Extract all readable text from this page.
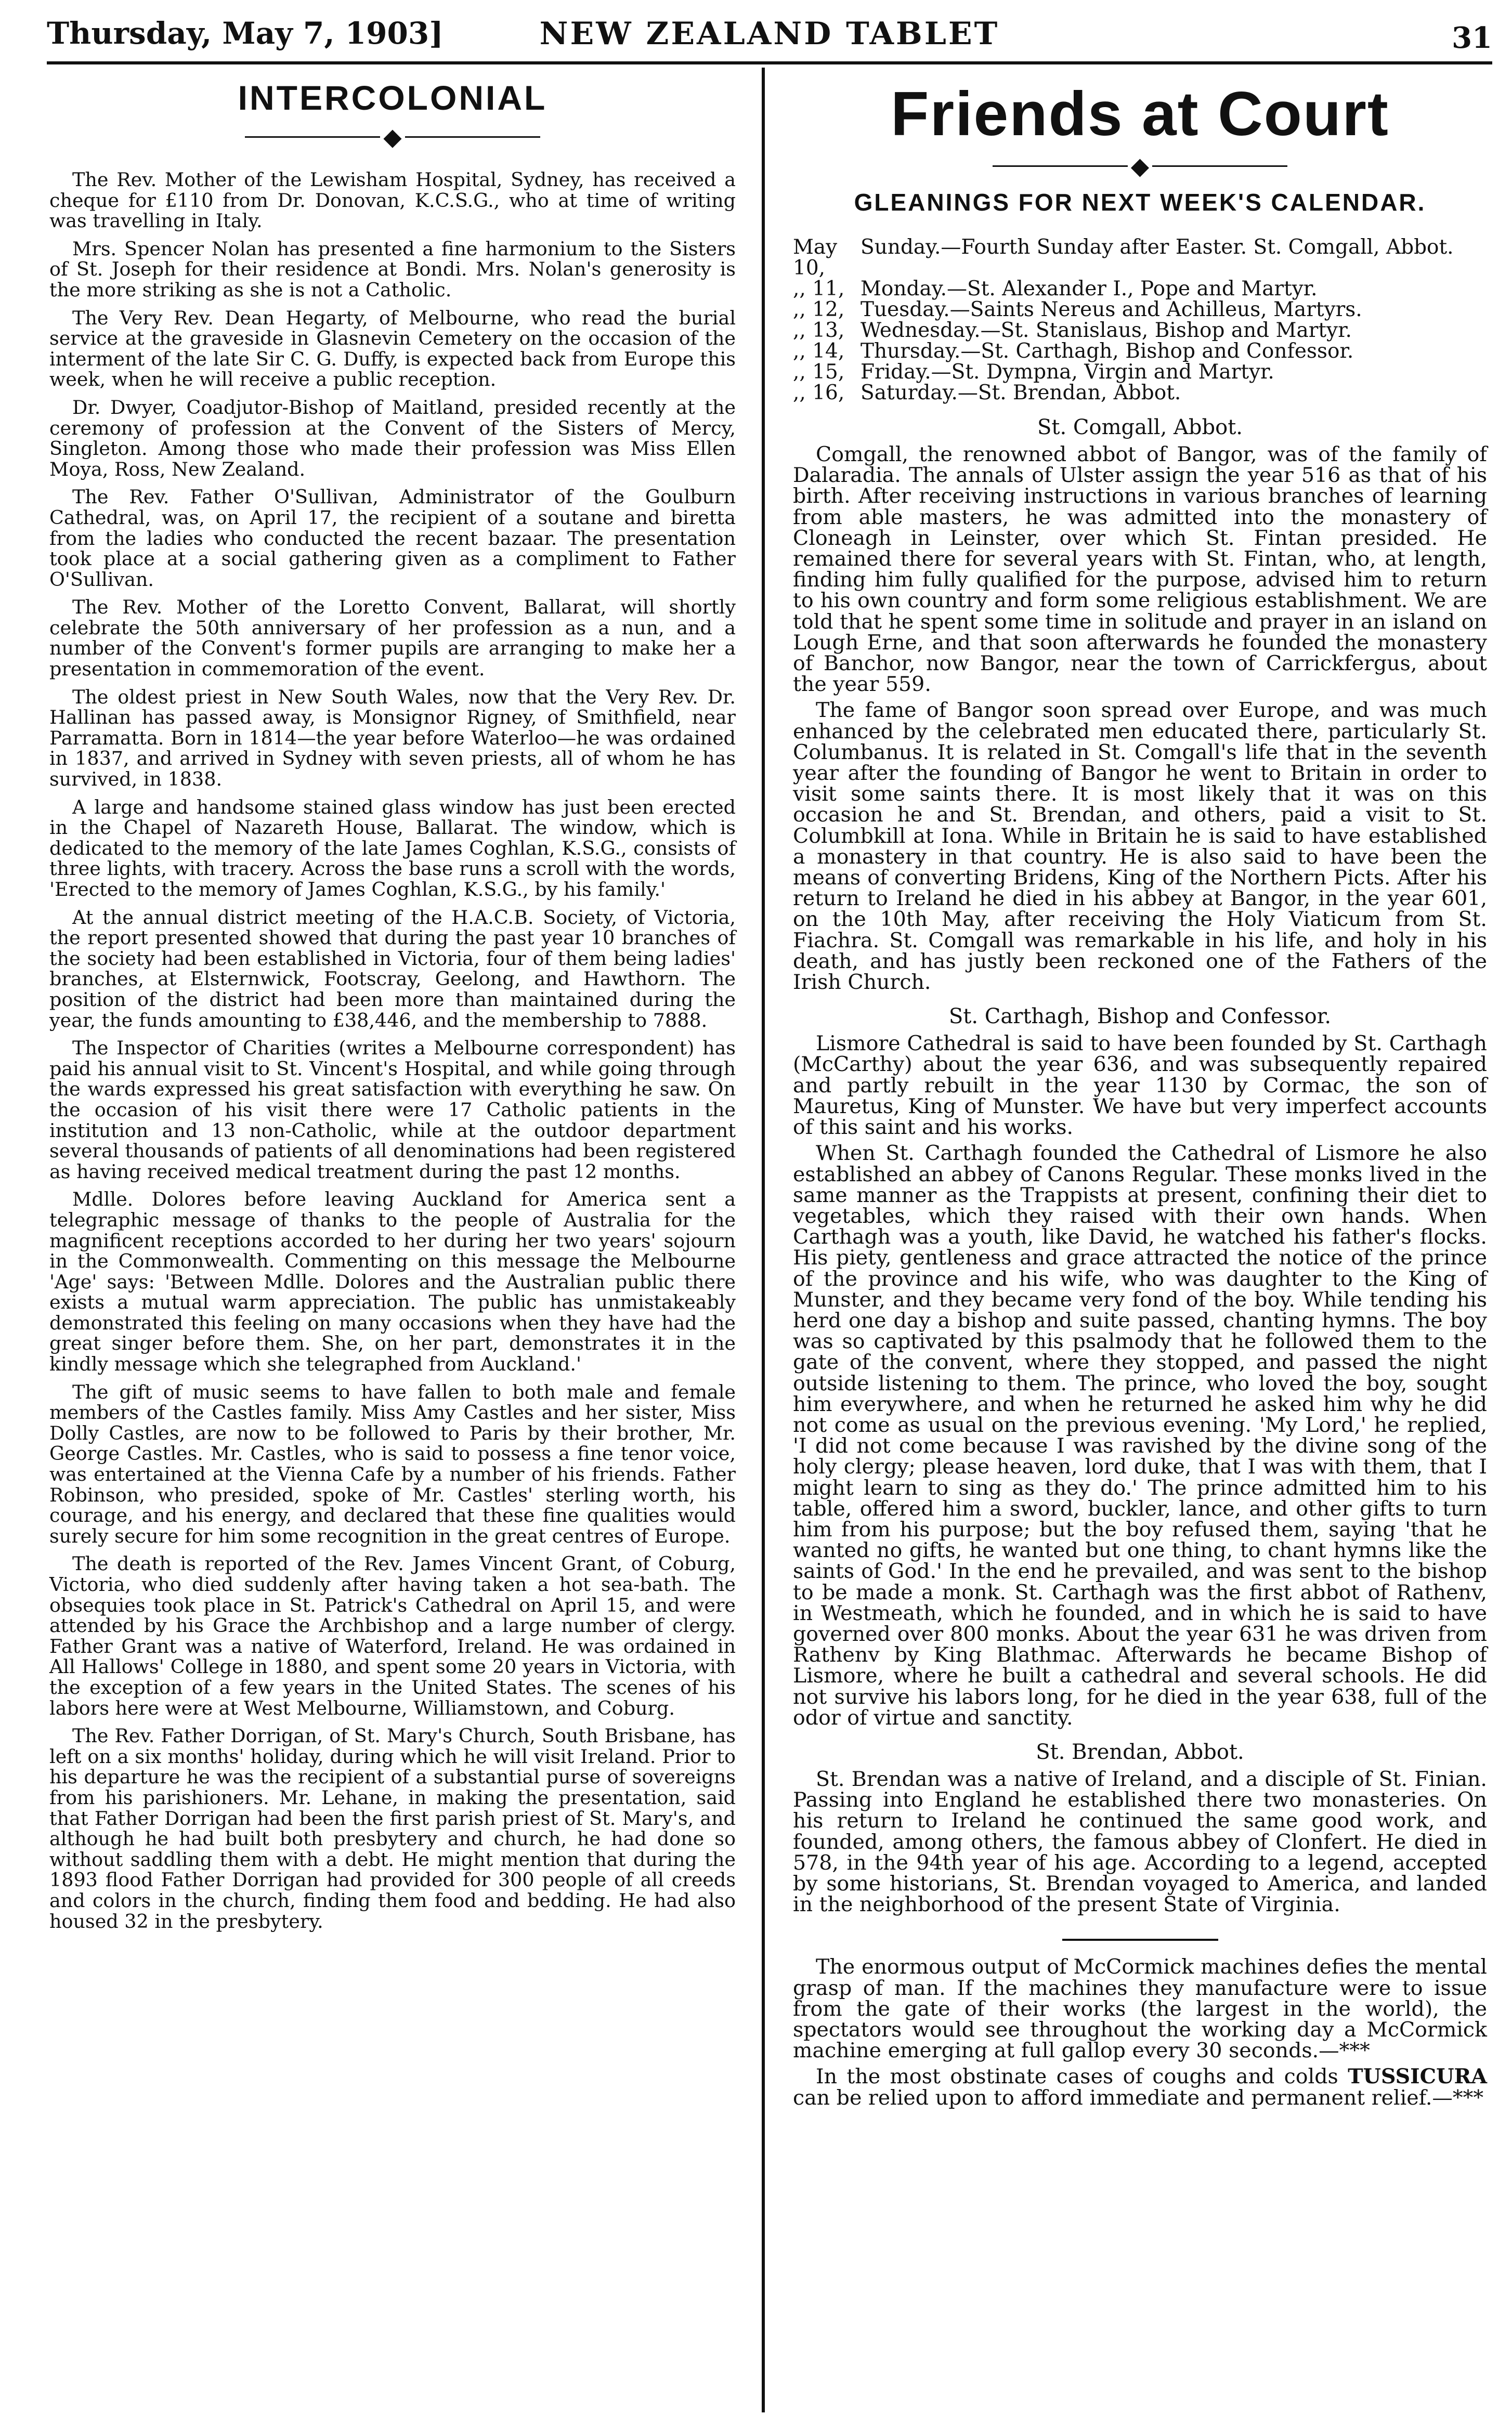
Thursday, May 7, 1903]	NEW ZEALAND TABLET	31
INTERCOLONIAL
◆

The Rev. Mother of the Lewisham Hospital, Sydney, has received a cheque for £110 from Dr. Donovan, K.C.S.G., who at time of writing was travelling in Italy.

Mrs. Spencer Nolan has presented a fine harmonium to the Sisters of St. Joseph for their residence at Bondi. Mrs. Nolan's generosity is the more striking as she is not a Catholic.

The Very Rev. Dean Hegarty, of Melbourne, who read the burial service at the graveside in Glasnevin Cemetery on the occasion of the interment of the late Sir C. G. Duffy, is expected back from Europe this week, when he will receive a public reception.

Dr. Dwyer, Coadjutor-Bishop of Maitland, presided recently at the ceremony of profession at the Convent of the Sisters of Mercy, Singleton. Among those who made their profession was Miss Ellen Moya, Ross, New Zealand.

The Rev. Father O'Sullivan, Administrator of the Goulburn Cathedral, was, on April 17, the recipient of a soutane and biretta from the ladies who conducted the recent bazaar. The presentation took place at a social gathering given as a compliment to Father O'Sullivan.

The Rev. Mother of the Loretto Convent, Ballarat, will shortly celebrate the 50th anniversary of her profession as a nun, and a number of the Convent's former pupils are arranging to make her a presentation in commemoration of the event.

The oldest priest in New South Wales, now that the Very Rev. Dr. Hallinan has passed away, is Monsignor Rigney, of Smithfield, near Parramatta. Born in 1814—the year before Waterloo—he was ordained in 1837, and arrived in Sydney with seven priests, all of whom he has survived, in 1838.

A large and handsome stained glass window has just been erected in the Chapel of Nazareth House, Ballarat. The window, which is dedicated to the memory of the late James Coghlan, K.S.G., consists of three lights, with tracery. Across the base runs a scroll with the words, 'Erected to the memory of James Coghlan, K.S.G., by his family.'

At the annual district meeting of the H.A.C.B. Society, of Victoria, the report presented showed that during the past year 10 branches of the society had been established in Victoria, four of them being ladies' branches, at Elsternwick, Footscray, Geelong, and Hawthorn. The position of the district had been more than maintained during the year, the funds amounting to £38,446, and the membership to 7888.

The Inspector of Charities (writes a Melbourne correspondent) has paid his annual visit to St. Vincent's Hospital, and while going through the wards expressed his great satisfaction with everything he saw. On the occasion of his visit there were 17 Catholic patients in the institution and 13 non-Catholic, while at the outdoor department several thousands of patients of all denominations had been registered as having received medical treatment during the past 12 months.

Mdlle. Dolores before leaving Auckland for America sent a telegraphic message of thanks to the people of Australia for the magnificent receptions accorded to her during her two years' sojourn in the Commonwealth. Commenting on this message the Melbourne 'Age' says: 'Between Mdlle. Dolores and the Australian public there exists a mutual warm appreciation. The public has unmistakeably demonstrated this feeling on many occasions when they have had the great singer before them. She, on her part, demonstrates it in the kindly message which she telegraphed from Auckland.'

The gift of music seems to have fallen to both male and female members of the Castles family. Miss Amy Castles and her sister, Miss Dolly Castles, are now to be followed to Paris by their brother, Mr. George Castles. Mr. Castles, who is said to possess a fine tenor voice, was entertained at the Vienna Cafe by a number of his friends. Father Robinson, who presided, spoke of Mr. Castles' sterling worth, his courage, and his energy, and declared that these fine qualities would surely secure for him some recognition in the great centres of Europe.

The death is reported of the Rev. James Vincent Grant, of Coburg, Victoria, who died suddenly after having taken a hot sea-bath. The obsequies took place in St. Patrick's Cathedral on April 15, and were attended by his Grace the Archbishop and a large number of clergy. Father Grant was a native of Waterford, Ireland. He was ordained in All Hallows' College in 1880, and spent some 20 years in Victoria, with the exception of a few years in the United States. The scenes of his labors here were at West Melbourne, Williamstown, and Coburg.

The Rev. Father Dorrigan, of St. Mary's Church, South Brisbane, has left on a six months' holiday, during which he will visit Ireland. Prior to his departure he was the recipient of a substantial purse of sovereigns from his parishioners. Mr. Lehane, in making the presentation, said that Father Dorrigan had been the first parish priest of St. Mary's, and although he had built both presbytery and church, he had done so without saddling them with a debt. He might mention that during the 1893 flood Father Dorrigan had provided for 300 people of all creeds and colors in the church, finding them food and bedding. He had also housed 32 in the presbytery.

Friends at Court
◆
GLEANINGS FOR NEXT WEEK'S CALENDAR.
May 10,
Sunday.—Fourth Sunday after Easter. St. Comgall, Abbot.
,, 11, Monday.—St. Alexander I., Pope and Martyr.
,, 12, Tuesday.—Saints Nereus and Achilleus, Martyrs.
,, 13, Wednesday.—St. Stanislaus, Bishop and Martyr.
,, 14, Thursday.—St. Carthagh, Bishop and Confessor.
,, 15, Friday.—St. Dympna, Virgin and Martyr.
,, 16, Saturday.—St. Brendan, Abbot.
St. Comgall, Abbot.

Comgall, the renowned abbot of Bangor, was of the family of Dalaradia. The annals of Ulster assign the year 516 as that of his birth. After receiving instructions in various branches of learning from able masters, he was admitted into the monastery of Cloneagh in Leinster, over which St. Fintan presided. He remained there for several years with St. Fintan, who, at length, finding him fully qualified for the purpose, advised him to return to his own country and form some religious establishment. We are told that he spent some time in solitude and prayer in an island on Lough Erne, and that soon afterwards he founded the monastery of Banchor, now Bangor, near the town of Carrickfergus, about the year 559.

The fame of Bangor soon spread over Europe, and was much enhanced by the celebrated men educated there, particularly St. Columbanus. It is related in St. Comgall's life that in the seventh year after the founding of Bangor he went to Britain in order to visit some saints there. It is most likely that it was on this occasion he and St. Brendan, and others, paid a visit to St. Columbkill at Iona. While in Britain he is said to have established a monastery in that country. He is also said to have been the means of converting Bridens, King of the Northern Picts. After his return to Ireland he died in his abbey at Bangor, in the year 601, on the 10th May, after receiving the Holy Viaticum from St. Fiachra. St. Comgall was remarkable in his life, and holy in his death, and has justly been reckoned one of the Fathers of the Irish Church.

St. Carthagh, Bishop and Confessor.

Lismore Cathedral is said to have been founded by St. Carthagh (McCarthy) about the year 636, and was subsequently repaired and partly rebuilt in the year 1130 by Cormac, the son of Mauretus, King of Munster. We have but very imperfect accounts of this saint and his works.

When St. Carthagh founded the Cathedral of Lismore he also established an abbey of Canons Regular. These monks lived in the same manner as the Trappists at present, confining their diet to vegetables, which they raised with their own hands. When Carthagh was a youth, like David, he watched his father's flocks. His piety, gentleness and grace attracted the notice of the prince of the province and his wife, who was daughter to the King of Munster, and they became very fond of the boy. While tending his herd one day a bishop and suite passed, chanting hymns. The boy was so captivated by this psalmody that he followed them to the gate of the convent, where they stopped, and passed the night outside listening to them. The prince, who loved the boy, sought him everywhere, and when he returned he asked him why he did not come as usual on the previous evening. 'My Lord,' he replied, 'I did not come because I was ravished by the divine song of the holy clergy; please heaven, lord duke, that I was with them, that I might learn to sing as they do.' The prince admitted him to his table, offered him a sword, buckler, lance, and other gifts to turn him from his purpose; but the boy refused them, saying 'that he wanted no gifts, he wanted but one thing, to chant hymns like the saints of God.' In the end he prevailed, and was sent to the bishop to be made a monk. St. Carthagh was the first abbot of Rathenv, in Westmeath, which he founded, and in which he is said to have governed over 800 monks. About the year 631 he was driven from Rathenv by King Blathmac. Afterwards he became Bishop of Lismore, where he built a cathedral and several schools. He did not survive his labors long, for he died in the year 638, full of the odor of virtue and sanctity.

St. Brendan, Abbot.

St. Brendan was a native of Ireland, and a disciple of St. Finian. Passing into England he established there two monasteries. On his return to Ireland he continued the same good work, and founded, among others, the famous abbey of Clonfert. He died in 578, in the 94th year of his age. According to a legend, accepted by some historians, St. Brendan voyaged to America, and landed in the neighborhood of the present State of Virginia.

The enormous output of McCormick machines defies the mental grasp of man. If the machines they manufacture were to issue from the gate of their works (the largest in the world), the spectators would see throughout the working day a McCormick machine emerging at full gallop every 30 seconds.—***

In the most obstinate cases of coughs and colds TUSSICURA can be relied upon to afford immediate and permanent relief.—***
